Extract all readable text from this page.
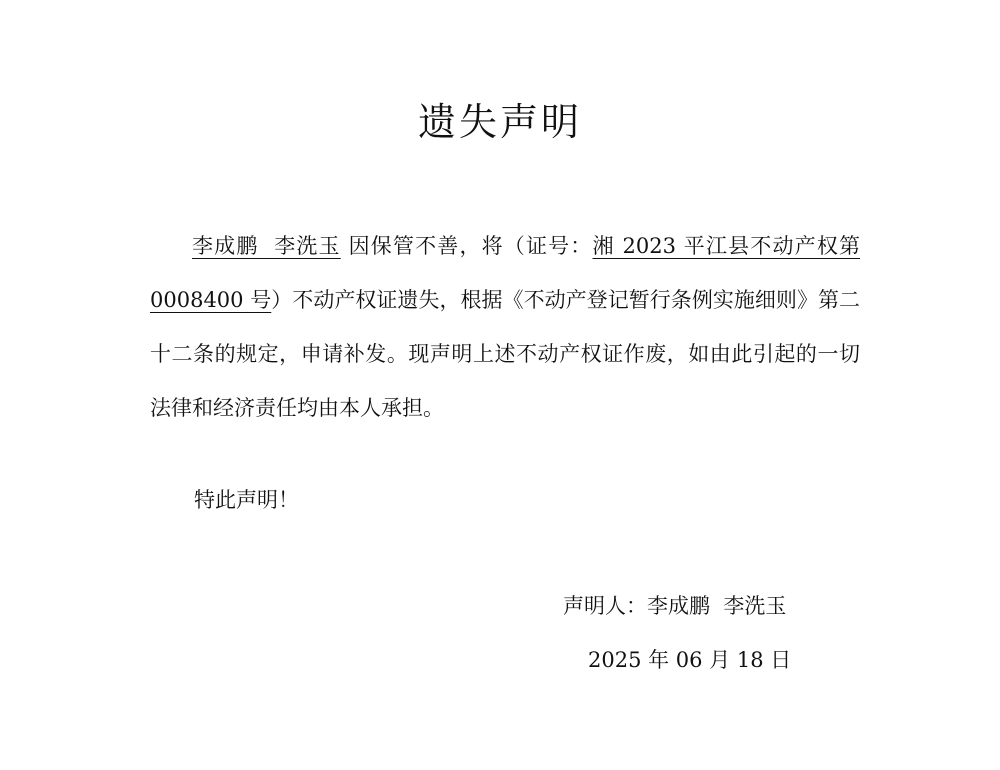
遗失声明
李成鹏  李洗玉 因保管不善，将（证号：湘 2023 平江县不动产权第 0008400 号）不动产权证遗失，根据《不动产登记暂行条例实施细则》第二十二条的规定，申请补发。现声明上述不动产权证作废，如由此引起的一切法律和经济责任均由本人承担。
特此声明！
声明人：李成鹏  李洗玉
2025 年 06 月 18 日
